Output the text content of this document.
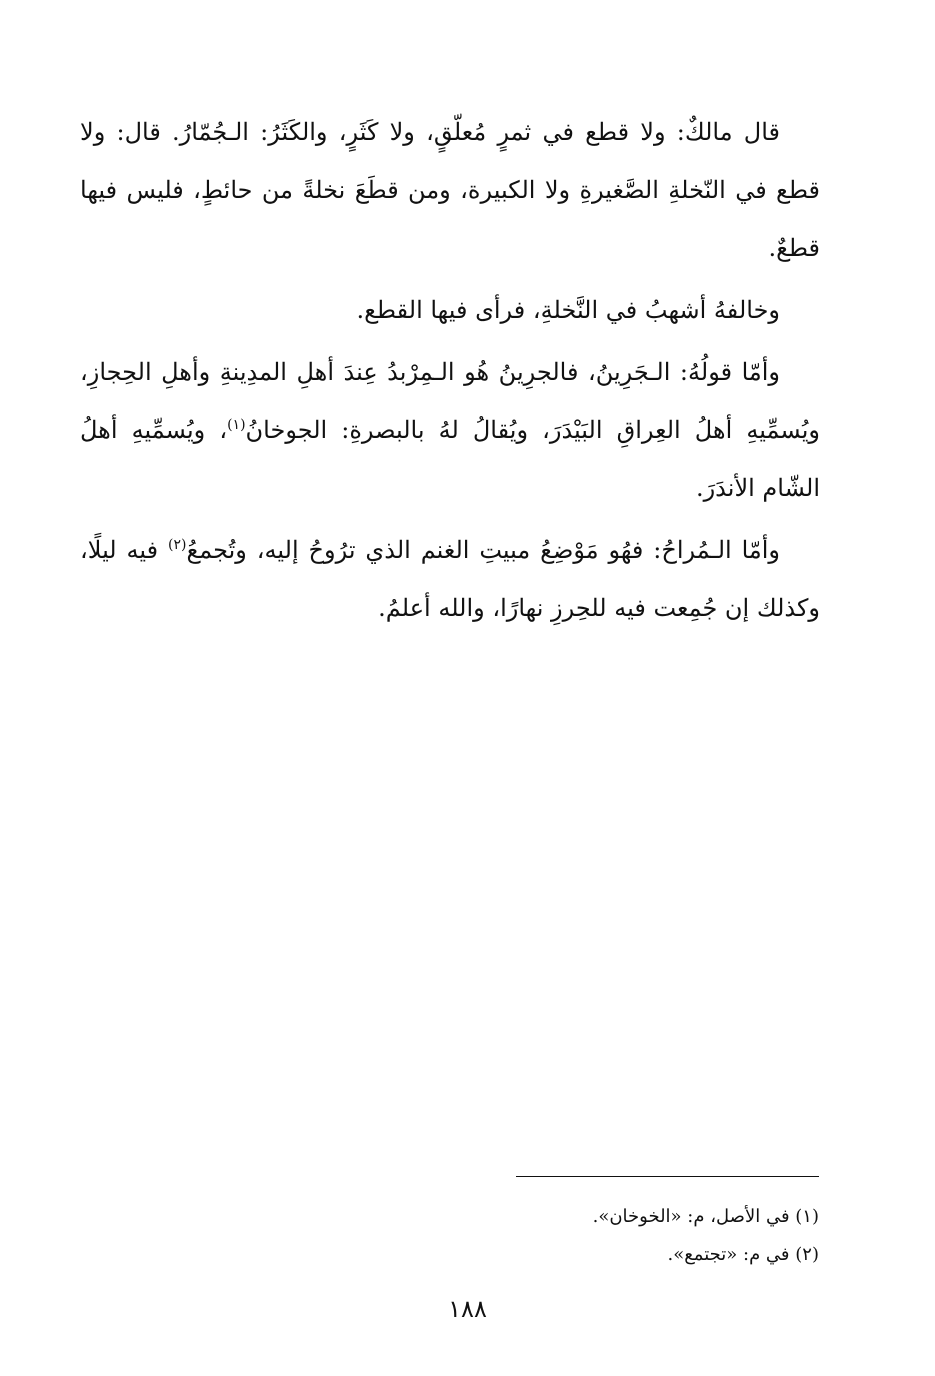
قال مالكٌ: ولا قطع في ثمرٍ مُعلّقٍ، ولا كَثَرٍ، والكَثَرُ: الـجُمّارُ. قال: ولا قطع في النّخلةِ الصَّغيرةِ ولا الكبيرة، ومن قطَعَ نخلةً من حائطٍ، فليس فيها قطعٌ.

وخالفهُ أشهبُ في النَّخلةِ، فرأى فيها القطع.

وأمّا قولُهُ: الـجَرِينُ، فالجرِينُ هُو الـمِرْبدُ عِندَ أهلِ المدِينةِ وأهلِ الحِجازِ، ويُسمِّيهِ أهلُ العِراقِ البَيْدَرَ، ويُقالُ لهُ بالبصرةِ: الجوخانُ$^{(١)}$، ويُسمِّيهِ أهلُ الشّام الأندَرَ.

وأمّا الـمُراحُ: فهُو مَوْضِعُ مبيتِ الغنم الذي ترُوحُ إليه، وتُجمعُ$^{(٢)}$ فيه ليلًا، وكذلك إن جُمِعت فيه للحِرزِ نهارًا، والله أعلمُ.

(١) في الأصل، م: «الخوخان».

(٢) في م: «تجتمع».

١٨٨
